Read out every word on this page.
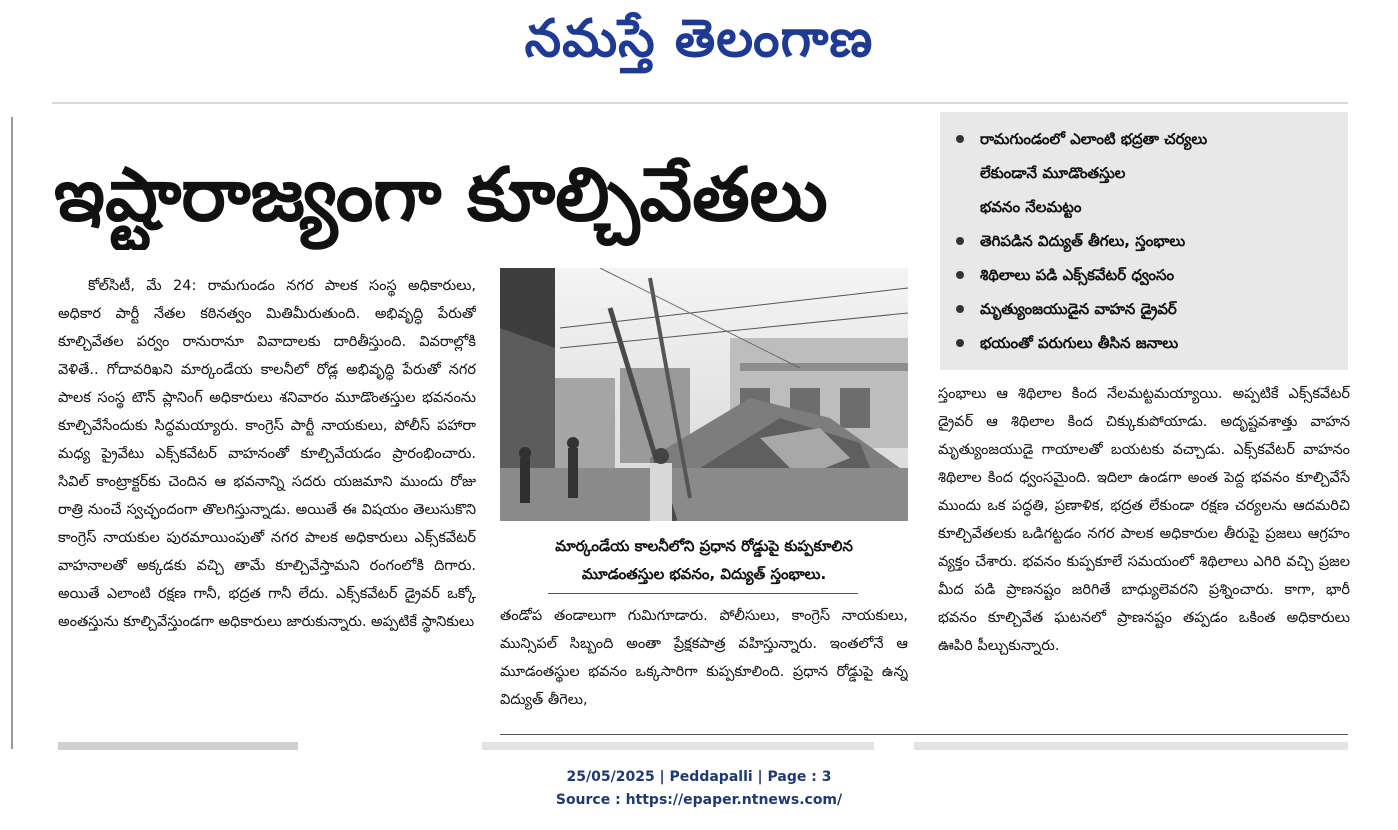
నమస్తే తెలంగాణ
ఇష్టారాజ్యంగా కూల్చివేతలు

కోల్‌సిటీ, మే 24: రామగుండం నగర పాలక సంస్థ అధికారులు, అధికార పార్టీ నేతల కఠినత్వం మితిమీరుతుంది. అభివృద్ధి పేరుతో కూల్చివేతల పర్వం రానురానూ వివాదాలకు దారితీస్తుంది. వివరాల్లోకి వెళితే.. గోదావరిఖని మార్కండేయ కాలనీలో రోడ్ల అభివృద్ధి పేరుతో నగర పాలక సంస్థ టౌన్ ప్లానింగ్ అధికారులు శనివారం మూడొంతస్తుల భవనంను కూల్చివేసేందుకు సిద్ధమయ్యారు. కాంగ్రెస్ పార్టీ నాయకులు, పోలీస్ పహారా మధ్య ప్రైవేటు ఎక్స్‌కవేటర్ వాహనంతో కూల్చివేయడం ప్రారంభించారు. సివిల్ కాంట్రాక్టర్‌కు చెందిన ఆ భవనాన్ని సదరు యజమాని ముందు రోజు రాత్రి నుంచే స్వచ్ఛందంగా తొలగిస్తున్నాడు. అయితే ఈ విషయం తెలుసుకొని కాంగ్రెస్ నాయకుల పురమాయింపుతో నగర పాలక అధికారులు ఎక్స్‌కవేటర్ వాహనాలతో అక్కడకు వచ్చి తామే కూల్చివేస్తామని రంగంలోకి దిగారు. అయితే ఎలాంటి రక్షణ గానీ, భద్రత గానీ లేదు. ఎక్స్‌కవేటర్ డ్రైవర్ ఒక్కో అంతస్తును కూల్చివేస్తుండగా అధికారులు జారుకున్నారు. అప్పటికే స్థానికులు

మార్కండేయ కాలనీలోని ప్రధాన రోడ్డుపై కుప్పకూలిన
మూడంతస్తుల భవనం, విద్యుత్ స్తంభాలు.

తండోప తండాలుగా గుమిగూడారు. పోలీసులు, కాంగ్రెస్ నాయకులు, మున్సిపల్ సిబ్బంది అంతా ప్రేక్షకపాత్ర వహిస్తున్నారు. ఇంతలోనే ఆ మూడంతస్థుల భవనం ఒక్కసారిగా కుప్పకూలింది. ప్రధాన రోడ్డుపై ఉన్న విద్యుత్ తీగెలు,

రామగుండంలో ఎలాంటి భద్రతా చర్యలు
లేకుండానే మూడొంతస్తుల
భవనం నేలమట్టం
తెగిపడిన విద్యుత్ తీగలు, స్తంభాలు
శిథిలాలు పడి ఎక్స్‌కవేటర్ ధ్వంసం
మృత్యుంజయుడైన వాహన డ్రైవర్
భయంతో పరుగులు తీసిన జనాలు

స్తంభాలు ఆ శిథిలాల కింద నేలమట్టమయ్యాయి. అప్పటికే ఎక్స్‌కవేటర్ డ్రైవర్ ఆ శిథిలాల కింద చిక్కుకుపోయాడు. అదృష్టవశాత్తు వాహన మృత్యుంజయుడై గాయాలతో బయటకు వచ్చాడు. ఎక్స్‌కవేటర్ వాహనం శిథిలాల కింద ధ్వంసమైంది. ఇదిలా ఉండగా అంత పెద్ద భవనం కూల్చివేసే ముందు ఒక పద్ధతి, ప్రణాళిక, భద్రత లేకుండా రక్షణ చర్యలను ఆదమరిచి కూల్చివేతలకు ఒడిగట్టడం నగర పాలక అధికారుల తీరుపై ప్రజలు ఆగ్రహం వ్యక్తం చేశారు. భవనం కుప్పకూలే సమయంలో శిథిలాలు ఎగిరి వచ్చి ప్రజల మీద పడి ప్రాణనష్టం జరిగితే బాధ్యులెవరని ప్రశ్నించారు. కాగా, భారీ భవనం కూల్చివేత ఘటనలో ప్రాణనష్టం తప్పడం ఒకింత అధికారులు ఊపిరి పీల్చుకున్నారు.

25/05/2025 | Peddapalli | Page : 3
Source : https://epaper.ntnews.com/
